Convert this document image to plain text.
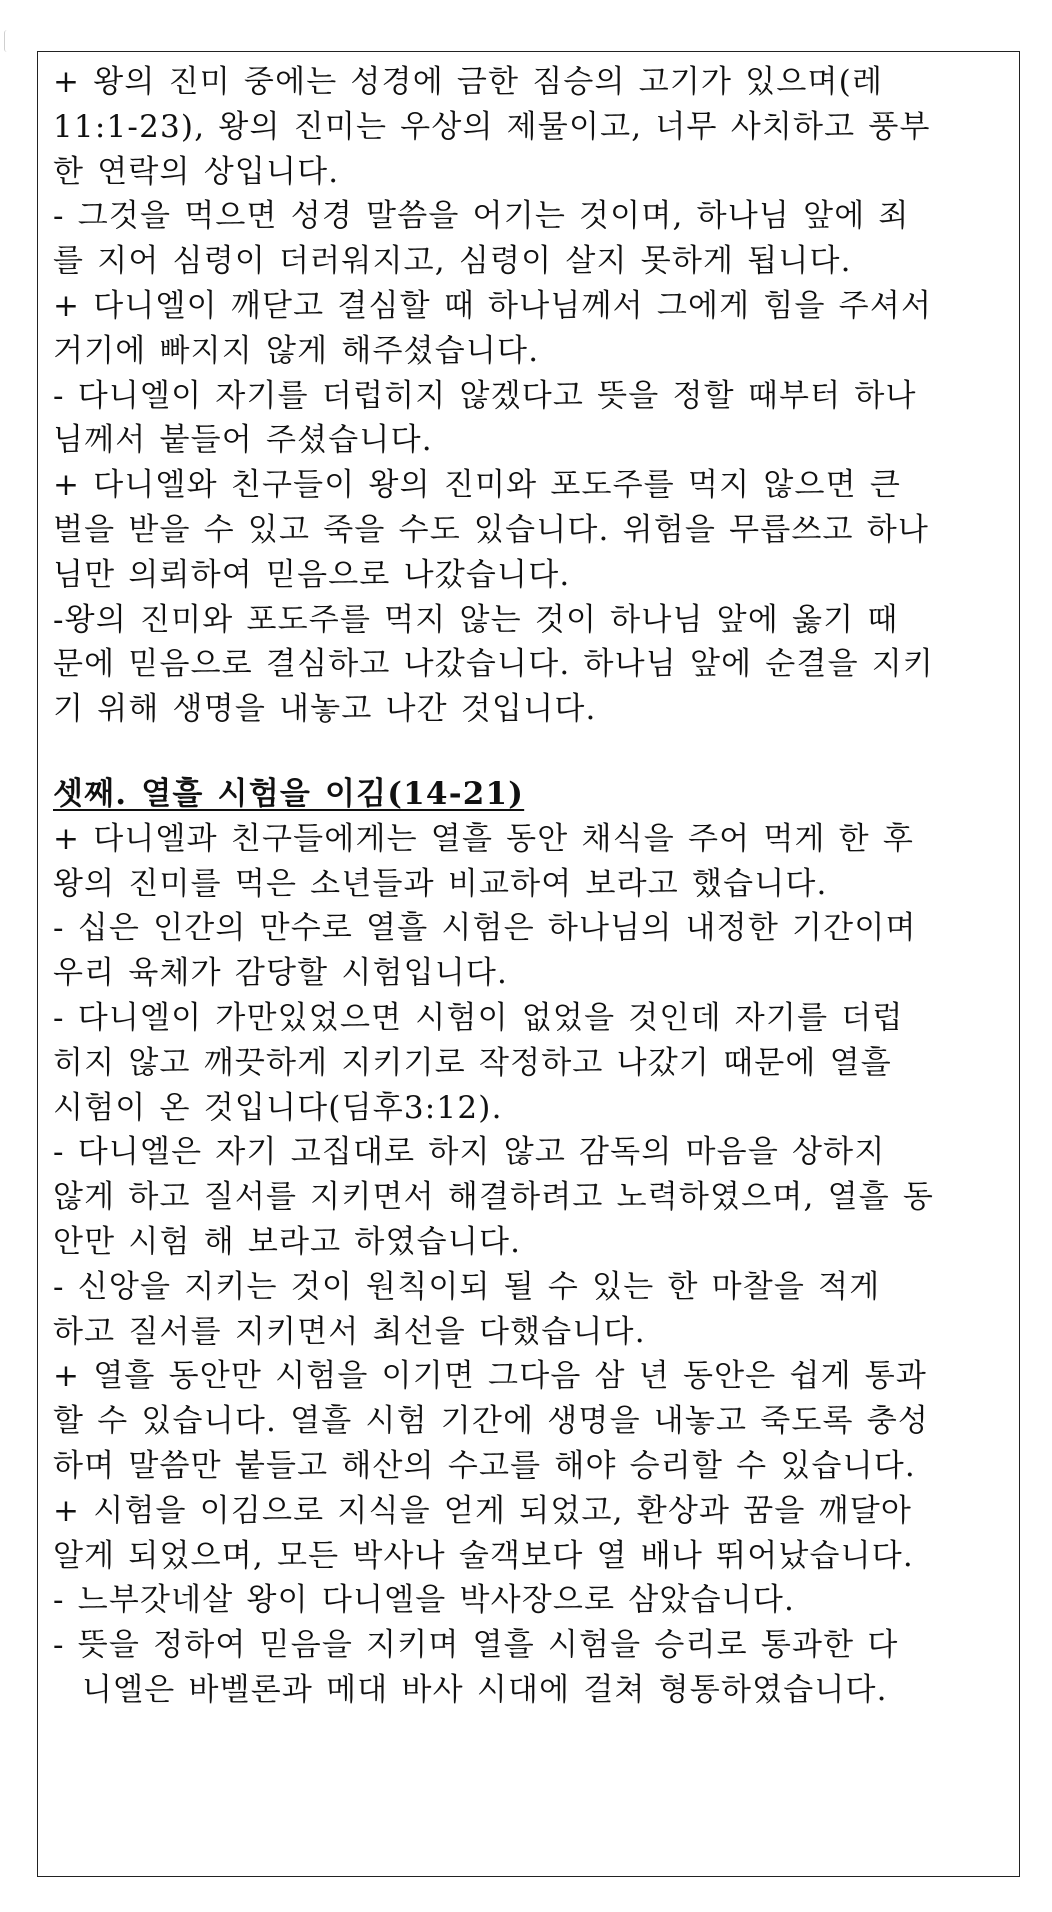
+ 왕의 진미 중에는 성경에 금한 짐승의 고기가 있으며(레
11:1-23), 왕의 진미는 우상의 제물이고, 너무 사치하고 풍부
한 연락의 상입니다.
- 그것을 먹으면 성경 말씀을 어기는 것이며, 하나님 앞에 죄
를 지어 심령이 더러워지고, 심령이 살지 못하게 됩니다.
+ 다니엘이 깨닫고 결심할 때 하나님께서 그에게 힘을 주셔서
거기에 빠지지 않게 해주셨습니다.
- 다니엘이 자기를 더럽히지 않겠다고 뜻을 정할 때부터 하나
님께서 붙들어 주셨습니다.
+ 다니엘와 친구들이 왕의 진미와 포도주를 먹지 않으면 큰
벌을 받을 수 있고 죽을 수도 있습니다. 위험을 무릅쓰고 하나
님만 의뢰하여 믿음으로 나갔습니다.
-왕의 진미와 포도주를 먹지 않는 것이 하나님 앞에 옳기 때
문에 믿음으로 결심하고 나갔습니다. 하나님 앞에 순결을 지키
기 위해 생명을 내놓고 나간 것입니다.
셋째. 열흘 시험을 이김(14-21)
+ 다니엘과 친구들에게는 열흘 동안 채식을 주어 먹게 한 후
왕의 진미를 먹은 소년들과 비교하여 보라고 했습니다.
- 십은 인간의 만수로 열흘 시험은 하나님의 내정한 기간이며
우리 육체가 감당할 시험입니다.
- 다니엘이 가만있었으면 시험이 없었을 것인데 자기를 더럽
히지 않고 깨끗하게 지키기로 작정하고 나갔기 때문에 열흘
시험이 온 것입니다(딤후3:12).
- 다니엘은 자기 고집대로 하지 않고 감독의 마음을 상하지
않게 하고 질서를 지키면서 해결하려고 노력하였으며, 열흘 동
안만 시험 해 보라고 하였습니다.
- 신앙을 지키는 것이 원칙이되 될 수 있는 한 마찰을 적게
하고 질서를 지키면서 최선을 다했습니다.
+ 열흘 동안만 시험을 이기면 그다음 삼 년 동안은 쉽게 통과
할 수 있습니다. 열흘 시험 기간에 생명을 내놓고 죽도록 충성
하며 말씀만 붙들고 해산의 수고를 해야 승리할 수 있습니다.
+ 시험을 이김으로 지식을 얻게 되었고, 환상과 꿈을 깨달아
알게 되었으며, 모든 박사나 술객보다 열 배나 뛰어났습니다.
- 느부갓네살 왕이 다니엘을 박사장으로 삼았습니다.
- 뜻을 정하여 믿음을 지키며 열흘 시험을 승리로 통과한 다
니엘은 바벨론과 메대 바사 시대에 걸쳐 형통하였습니다.
